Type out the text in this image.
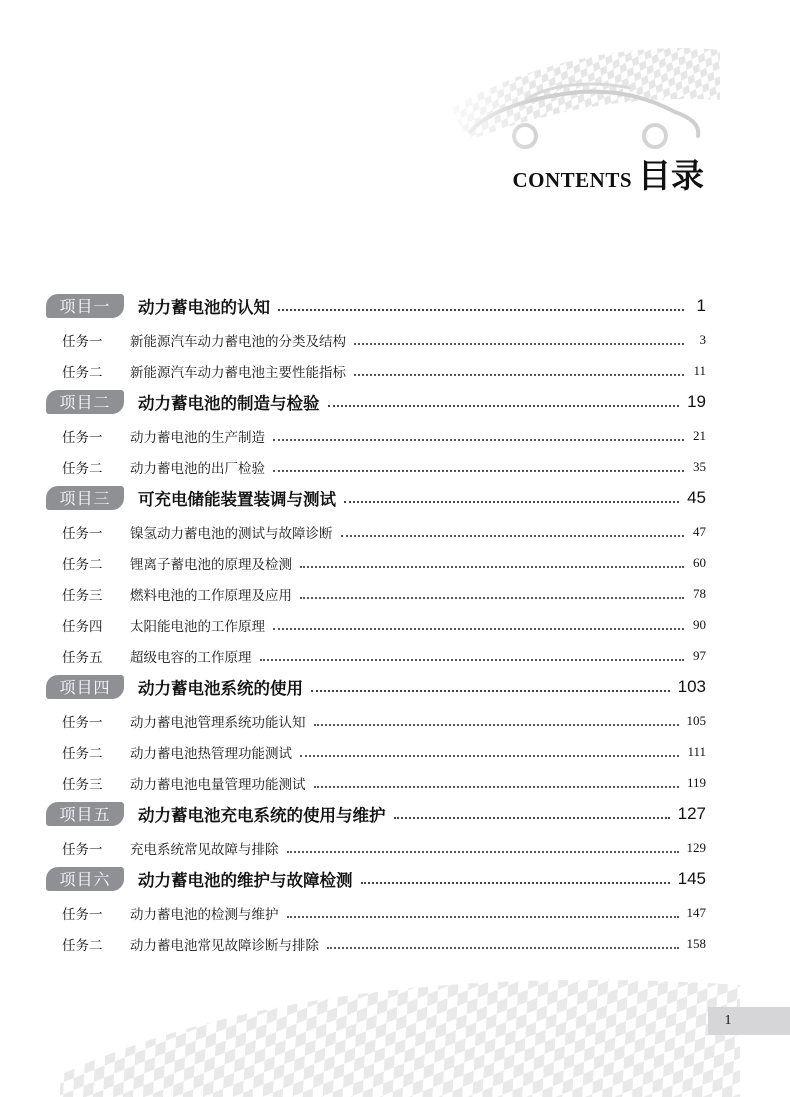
CONTENTS 目录
项目一	动力蓄电池的认知	1
任务一	新能源汽车动力蓄电池的分类及结构	3
任务二	新能源汽车动力蓄电池主要性能指标	11
项目二	动力蓄电池的制造与检验	19
任务一	动力蓄电池的生产制造	21
任务二	动力蓄电池的出厂检验	35
项目三	可充电储能装置装调与测试	45
任务一	镍氢动力蓄电池的测试与故障诊断	47
任务二	锂离子蓄电池的原理及检测	60
任务三	燃料电池的工作原理及应用	78
任务四	太阳能电池的工作原理	90
任务五	超级电容的工作原理	97
项目四	动力蓄电池系统的使用	103
任务一	动力蓄电池管理系统功能认知	105
任务二	动力蓄电池热管理功能测试	111
任务三	动力蓄电池电量管理功能测试	119
项目五	动力蓄电池充电系统的使用与维护	127
任务一	充电系统常见故障与排除	129
项目六	动力蓄电池的维护与故障检测	145
任务一	动力蓄电池的检测与维护	147
任务二	动力蓄电池常见故障诊断与排除	158
1
